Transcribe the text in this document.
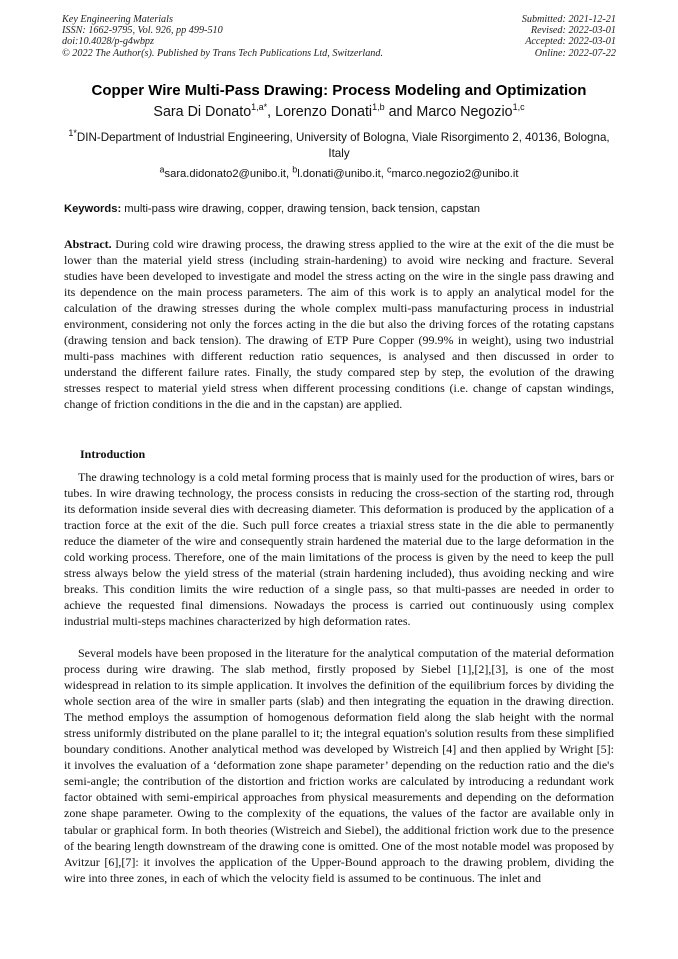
Key Engineering Materials
ISSN: 1662-9795, Vol. 926, pp 499-510
doi:10.4028/p-g4wbpz
© 2022 The Author(s). Published by Trans Tech Publications Ltd, Switzerland.
Submitted: 2021-12-21
Revised: 2022-03-01
Accepted: 2022-03-01
Online: 2022-07-22
Copper Wire Multi-Pass Drawing: Process Modeling and Optimization
Sara Di Donato$^{1,a*}$, Lorenzo Donati$^{1,b}$ and Marco Negozio$^{1,c}$
$^{1*}$DIN-Department of Industrial Engineering, University of Bologna, Viale Risorgimento 2, 40136, Bologna, Italy
$^a$sara.didonato2@unibo.it, $^b$l.donati@unibo.it, $^c$marco.negozio2@unibo.it
Keywords: multi-pass wire drawing, copper, drawing tension, back tension, capstan

Abstract. During cold wire drawing process, the drawing stress applied to the wire at the exit of the die must be lower than the material yield stress (including strain-hardening) to avoid wire necking and fracture. Several studies have been developed to investigate and model the stress acting on the wire in the single pass drawing and its dependence on the main process parameters. The aim of this work is to apply an analytical model for the calculation of the drawing stresses during the whole complex multi-pass manufacturing process in industrial environment, considering not only the forces acting in the die but also the driving forces of the rotating capstans (drawing tension and back tension). The drawing of ETP Pure Copper (99.9% in weight), using two industrial multi-pass machines with different reduction ratio sequences, is analysed and then discussed in order to understand the different failure rates. Finally, the study compared step by step, the evolution of the drawing stresses respect to material yield stress when different processing conditions (i.e. change of capstan windings, change of friction conditions in the die and in the capstan) are applied.

Introduction

The drawing technology is a cold metal forming process that is mainly used for the production of wires, bars or tubes. In wire drawing technology, the process consists in reducing the cross-section of the starting rod, through its deformation inside several dies with decreasing diameter. This deformation is produced by the application of a traction force at the exit of the die. Such pull force creates a triaxial stress state in the die able to permanently reduce the diameter of the wire and consequently strain hardened the material due to the large deformation in the cold working process. Therefore, one of the main limitations of the process is given by the need to keep the pull stress always below the yield stress of the material (strain hardening included), thus avoiding necking and wire breaks. This condition limits the wire reduction of a single pass, so that multi-passes are needed in order to achieve the requested final dimensions. Nowadays the process is carried out continuously using complex industrial multi-steps machines characterized by high deformation rates.

Several models have been proposed in the literature for the analytical computation of the material deformation process during wire drawing. The slab method, firstly proposed by Siebel [1],[2],[3], is one of the most widespread in relation to its simple application. It involves the definition of the equilibrium forces by dividing the whole section area of the wire in smaller parts (slab) and then integrating the equation in the drawing direction. The method employs the assumption of homogenous deformation field along the slab height with the normal stress uniformly distributed on the plane parallel to it; the integral equation's solution results from these simplified boundary conditions. Another analytical method was developed by Wistreich [4] and then applied by Wright [5]: it involves the evaluation of a ‘deformation zone shape parameter’ depending on the reduction ratio and the die's semi-angle; the contribution of the distortion and friction works are calculated by introducing a redundant work factor obtained with semi-empirical approaches from physical measurements and depending on the deformation zone shape parameter. Owing to the complexity of the equations, the values of the factor are available only in tabular or graphical form. In both theories (Wistreich and Siebel), the additional friction work due to the presence of the bearing length downstream of the drawing cone is omitted. One of the most notable model was proposed by Avitzur [6],[7]: it involves the application of the Upper-Bound approach to the drawing problem, dividing the wire into three zones, in each of which the velocity field is assumed to be continuous. The inlet and
